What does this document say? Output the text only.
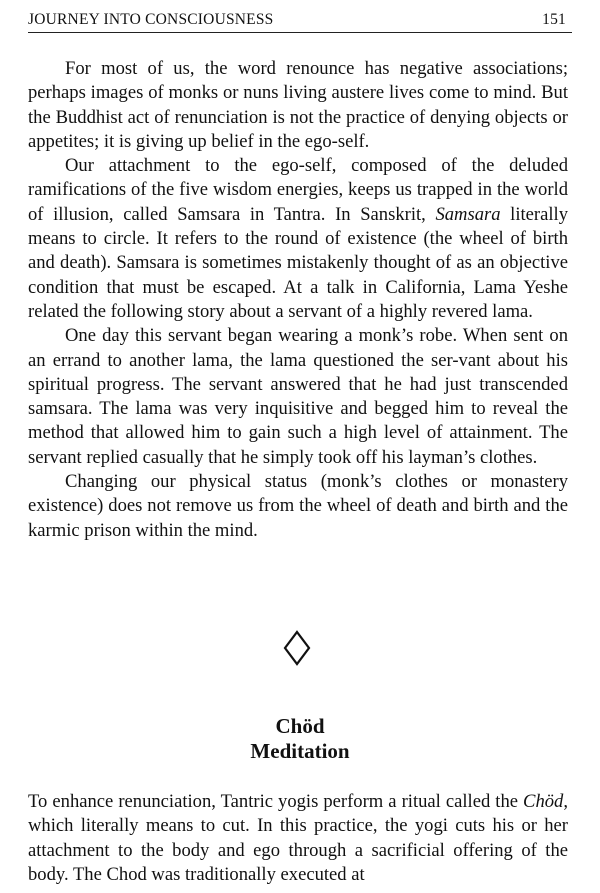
JOURNEY INTO CONSCIOUSNESS	151

For most of us, the word renounce has negative associations; perhaps images of monks or nuns living austere lives come to mind. But the Buddhist act of renunciation is not the practice of denying objects or appetites; it is giving up belief in the ego-self.

Our attachment to the ego-self, composed of the deluded ramifications of the five wisdom energies, keeps us trapped in the world of illusion, called Samsara in Tantra. In Sanskrit, Samsara literally means to circle. It refers to the round of existence (the wheel of birth and death). Samsara is sometimes mistakenly thought of as an objective condition that must be escaped. At a talk in California, Lama Yeshe related the following story about a servant of a highly revered lama.

One day this servant began wearing a monk’s robe. When sent on an errand to another lama, the lama questioned the ser-vant about his spiritual progress. The servant answered that he had just transcended samsara. The lama was very inquisitive and begged him to reveal the method that allowed him to gain such a high level of attainment. The servant replied casually that he simply took off his layman’s clothes.

Changing our physical status (monk’s clothes or monastery existence) does not remove us from the wheel of death and birth and the karmic prison within the mind.

Chöd
Meditation

To enhance renunciation, Tantric yogis perform a ritual called the Chöd, which literally means to cut. In this practice, the yogi cuts his or her attachment to the body and ego through a sacrificial offering of the body. The Chod was traditionally executed at
